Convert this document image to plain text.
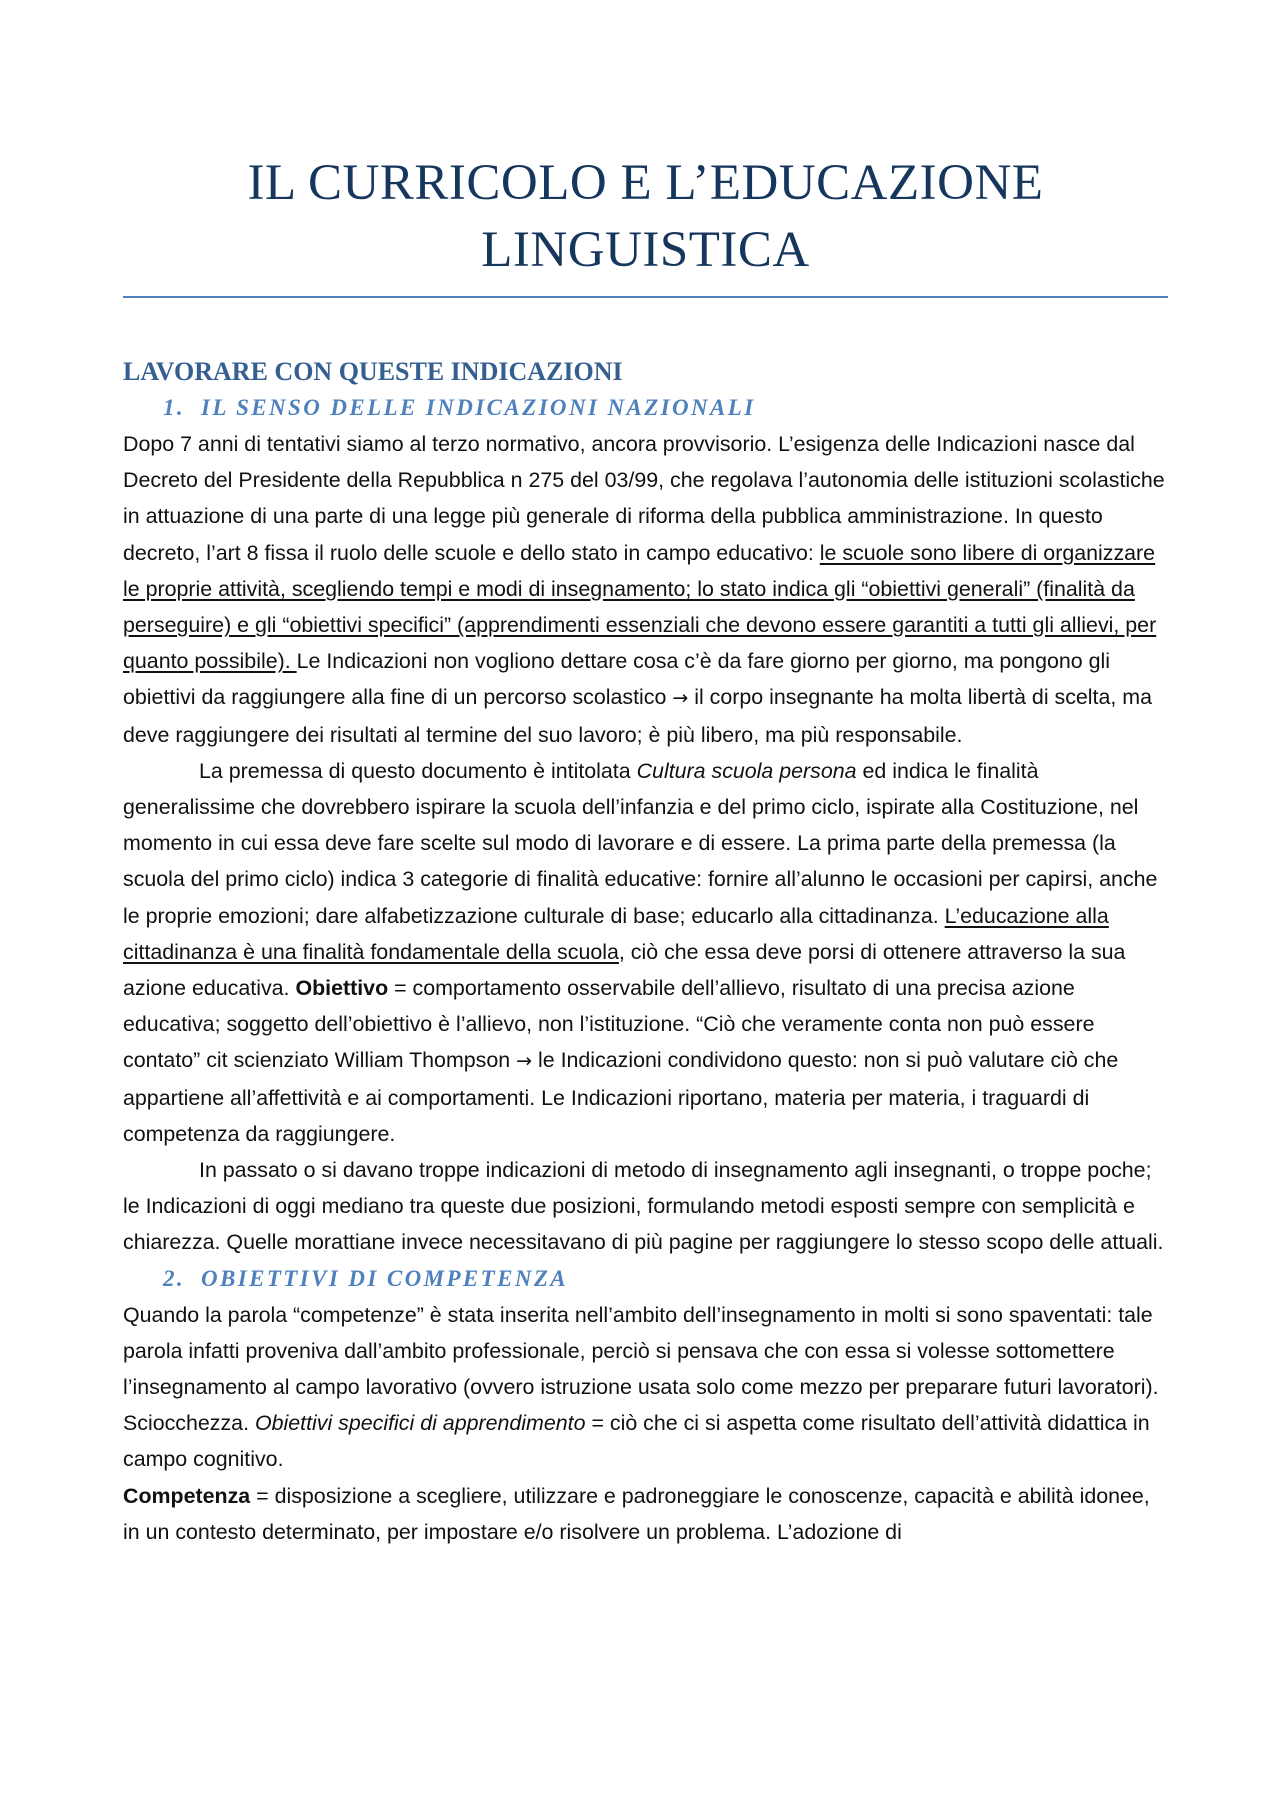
IL CURRICOLO E L’EDUCAZIONE
LINGUISTICA
LAVORARE CON QUESTE INDICAZIONI
1. IL SENSO DELLE INDICAZIONI NAZIONALI

Dopo 7 anni di tentativi siamo al terzo normativo, ancora provvisorio. L’esigenza delle Indicazioni nasce dal Decreto del Presidente della Repubblica n 275 del 03/99, che regolava l’autonomia delle istituzioni scolastiche in attuazione di una parte di una legge più generale di riforma della pubblica amministrazione. In questo decreto, l’art 8 fissa il ruolo delle scuole e dello stato in campo educativo: le scuole sono libere di organizzare le proprie attività, scegliendo tempi e modi di insegnamento; lo stato indica gli “obiettivi generali” (finalità da perseguire) e gli “obiettivi specifici” (apprendimenti essenziali che devono essere garantiti a tutti gli allievi, per quanto possibile). Le Indicazioni non vogliono dettare cosa c’è da fare giorno per giorno, ma pongono gli obiettivi da raggiungere alla fine di un percorso scolastico → il corpo insegnante ha molta libertà di scelta, ma deve raggiungere dei risultati al termine del suo lavoro; è più libero, ma più responsabile.

La premessa di questo documento è intitolata Cultura scuola persona ed indica le finalità generalissime che dovrebbero ispirare la scuola dell’infanzia e del primo ciclo, ispirate alla Costituzione, nel momento in cui essa deve fare scelte sul modo di lavorare e di essere. La prima parte della premessa (la scuola del primo ciclo) indica 3 categorie di finalità educative: fornire all’alunno le occasioni per capirsi, anche le proprie emozioni; dare alfabetizzazione culturale di base; educarlo alla cittadinanza. L’educazione alla cittadinanza è una finalità fondamentale della scuola, ciò che essa deve porsi di ottenere attraverso la sua azione educativa. Obiettivo = comportamento osservabile dell’allievo, risultato di una precisa azione educativa; soggetto dell’obiettivo è l’allievo, non l’istituzione. “Ciò che veramente conta non può essere contato” cit scienziato William Thompson → le Indicazioni condividono questo: non si può valutare ciò che appartiene all’affettività e ai comportamenti. Le Indicazioni riportano, materia per materia, i traguardi di competenza da raggiungere.

In passato o si davano troppe indicazioni di metodo di insegnamento agli insegnanti, o troppe poche; le Indicazioni di oggi mediano tra queste due posizioni, formulando metodi esposti sempre con semplicità e chiarezza. Quelle morattiane invece necessitavano di più pagine per raggiungere lo stesso scopo delle attuali.

2. OBIETTIVI DI COMPETENZA

Quando la parola “competenze” è stata inserita nell’ambito dell’insegnamento in molti si sono spaventati: tale parola infatti proveniva dall’ambito professionale, perciò si pensava che con essa si volesse sottomettere l’insegnamento al campo lavorativo (ovvero istruzione usata solo come mezzo per preparare futuri lavoratori). Sciocchezza. Obiettivi specifici di apprendimento = ciò che ci si aspetta come risultato dell’attività didattica in campo cognitivo.

Competenza = disposizione a scegliere, utilizzare e padroneggiare le conoscenze, capacità e abilità idonee, in un contesto determinato, per impostare e/o risolvere un problema. L’adozione di
